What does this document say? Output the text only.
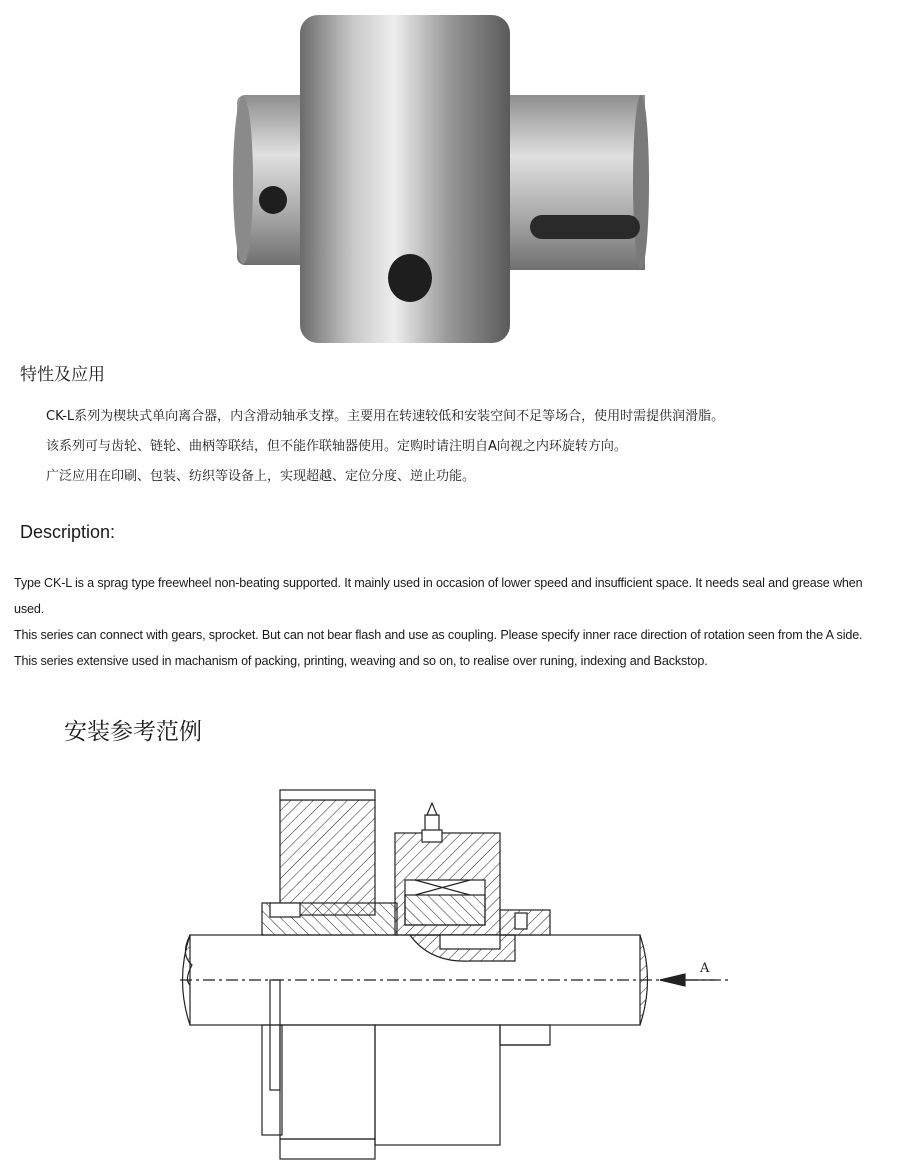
特性及应用
CK-L系列为楔块式单向离合器，内含滑动轴承支撑。主要用在转速较低和安装空间不足等场合，使用时需提供润滑脂。
该系列可与齿轮、链轮、曲柄等联结，但不能作联轴器使用。定购时请注明自A向视之内环旋转方向。
广泛应用在印刷、包装、纺织等设备上，实现超越、定位分度、逆止功能。
Description:

Type CK-L is a sprag type freewheel non-beating supported. It mainly used in occasion of lower speed and insufficient space. It needs seal and grease when used.

This series can connect with gears, sprocket. But can not bear flash and use as coupling. Please specify inner race direction of rotation seen from the A side.

This series extensive used in machanism of packing, printing, weaving and so on, to realise over runing, indexing and Backstop.

安装参考范例
A
